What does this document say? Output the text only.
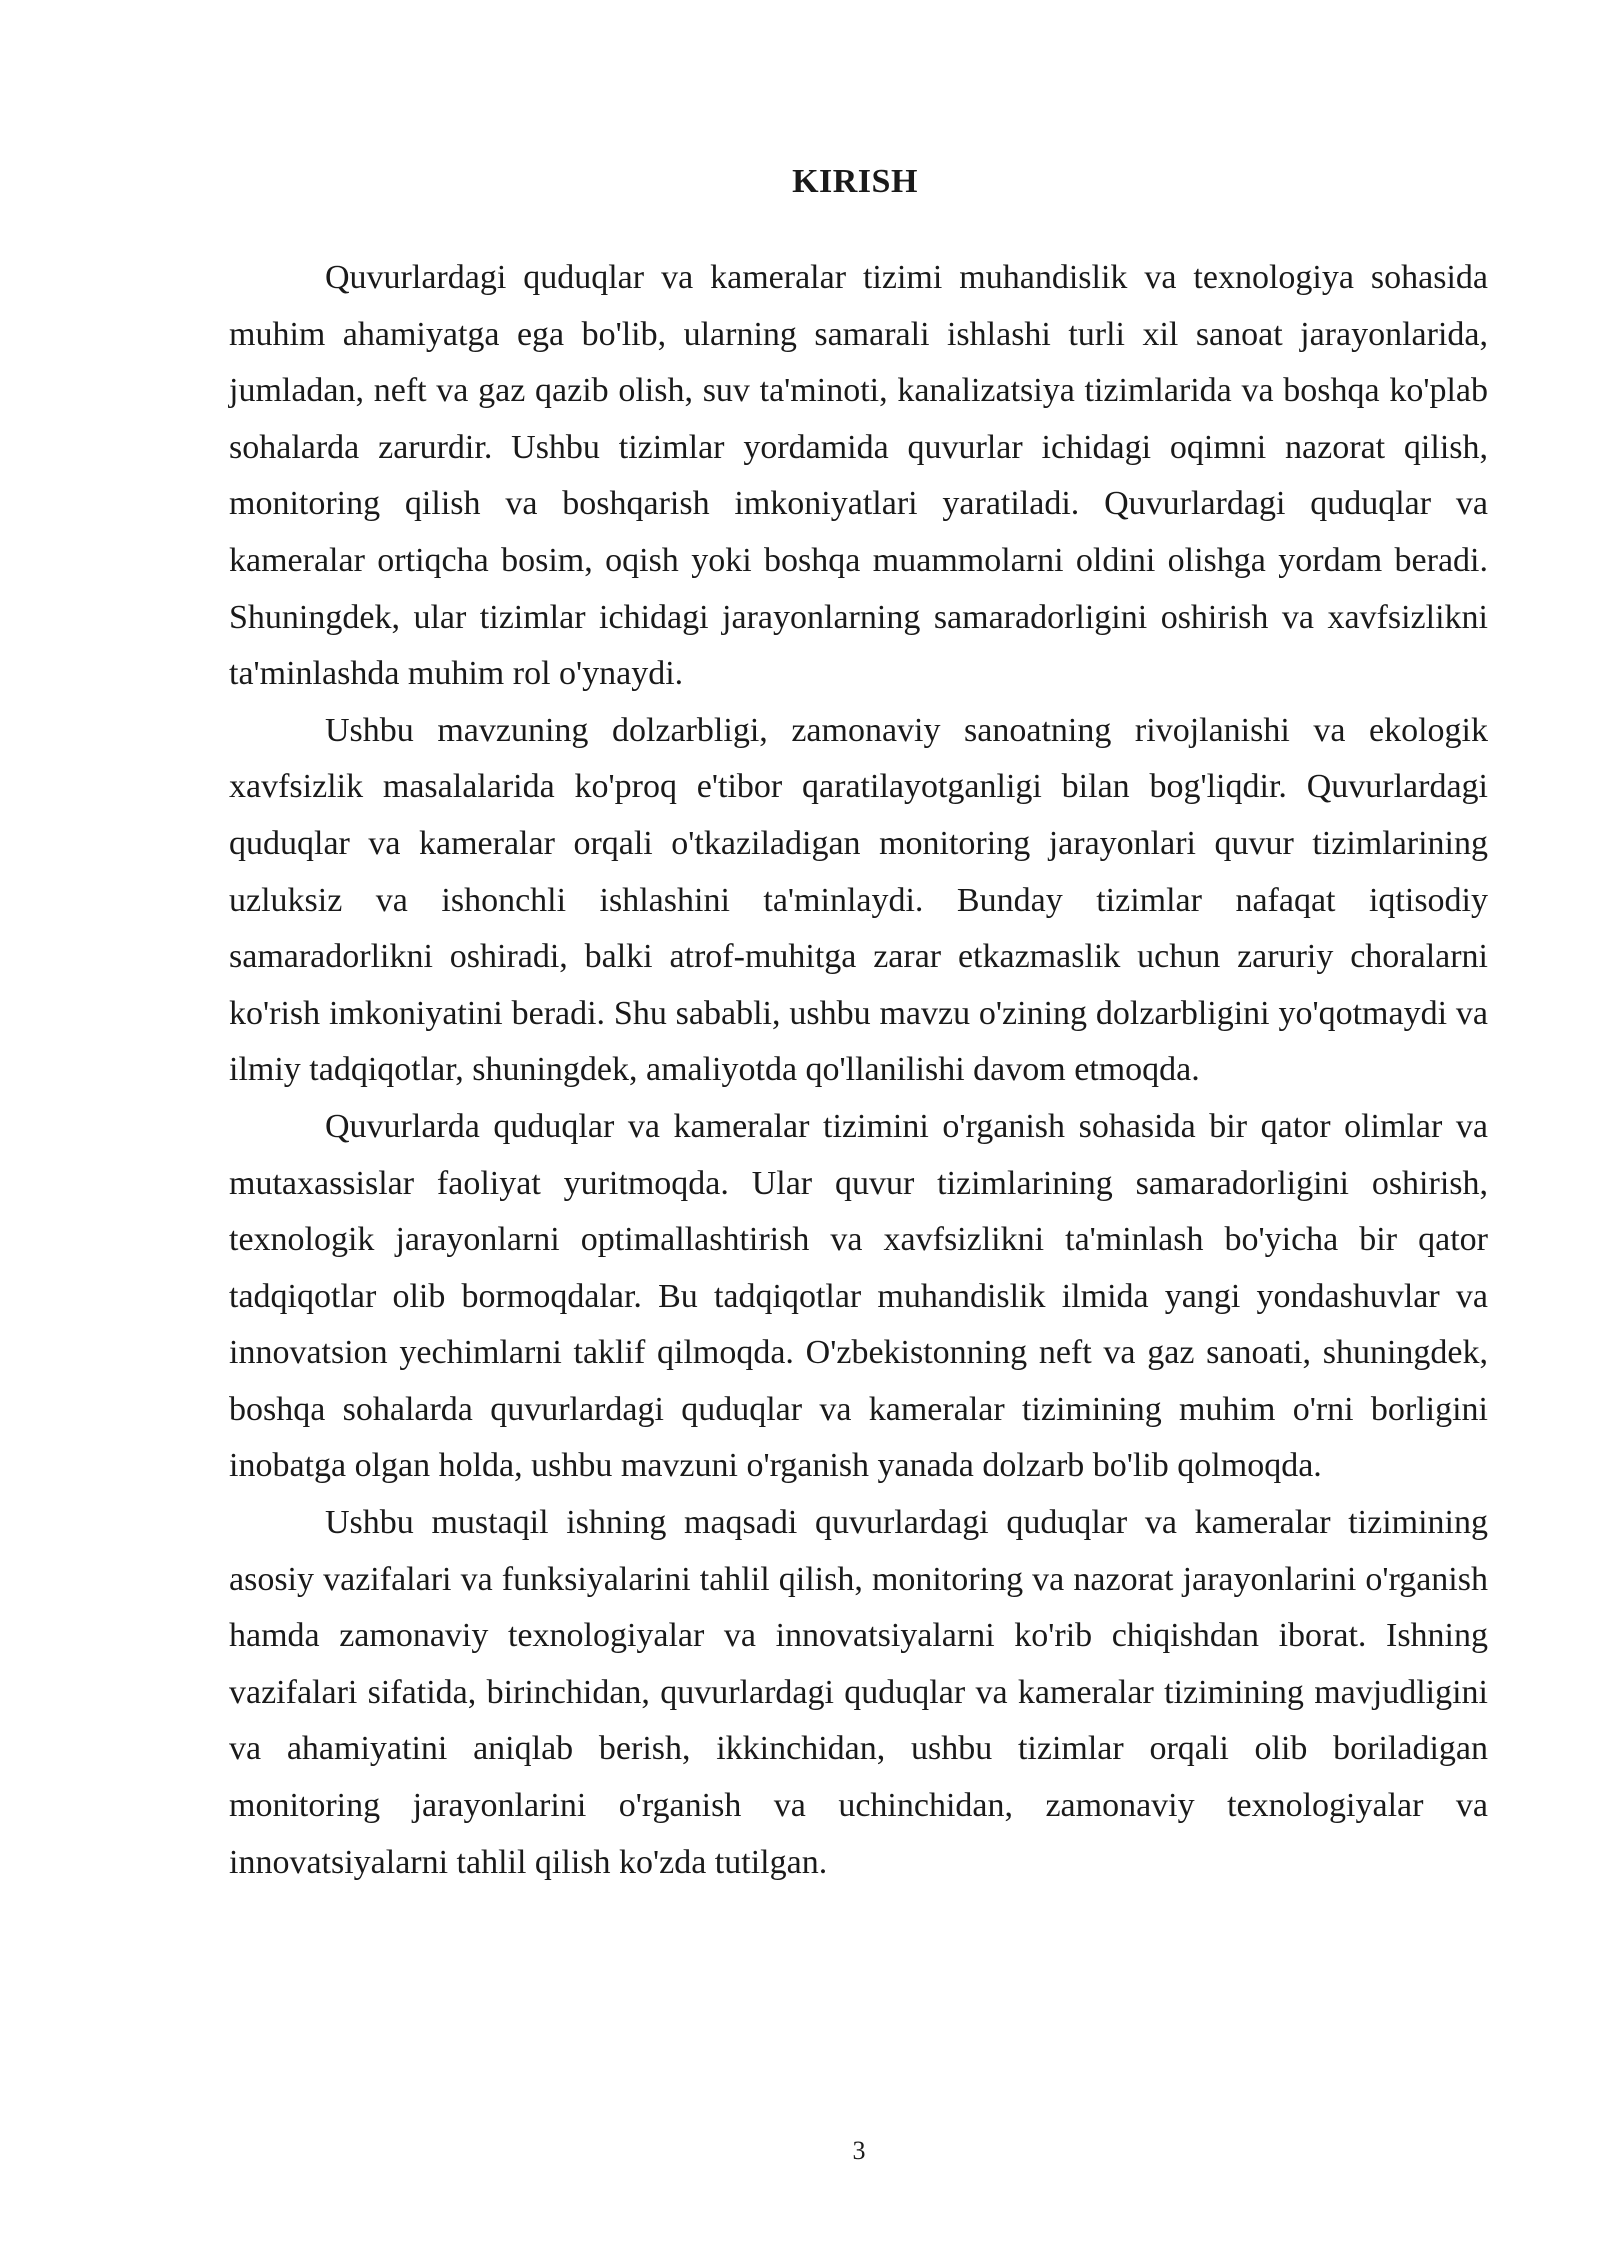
KIRISH

Quvurlardagi quduqlar va kameralar tizimi muhandislik va texnologiya sohasida muhim ahamiyatga ega bo'lib, ularning samarali ishlashi turli xil sanoat jarayonlarida, jumladan, neft va gaz qazib olish, suv ta'minoti, kanalizatsiya tizimlarida va boshqa ko'plab sohalarda zarurdir. Ushbu tizimlar yordamida quvurlar ichidagi oqimni nazorat qilish, monitoring qilish va boshqarish imkoniyatlari yaratiladi. Quvurlardagi quduqlar va kameralar ortiqcha bosim, oqish yoki boshqa muammolarni oldini olishga yordam beradi. Shuningdek, ular tizimlar ichidagi jarayonlarning samaradorligini oshirish va xavfsizlikni ta'minlashda muhim rol o'ynaydi.

Ushbu mavzuning dolzarbligi, zamonaviy sanoatning rivojlanishi va ekologik xavfsizlik masalalarida ko'proq e'tibor qaratilayotganligi bilan bog'liqdir. Quvurlardagi quduqlar va kameralar orqali o'tkaziladigan monitoring jarayonlari quvur tizimlarining uzluksiz va ishonchli ishlashini ta'minlaydi. Bunday tizimlar nafaqat iqtisodiy samaradorlikni oshiradi, balki atrof-muhitga zarar etkazmaslik uchun zaruriy choralarni ko'rish imkoniyatini beradi. Shu sababli, ushbu mavzu o'zining dolzarbligini yo'qotmaydi va ilmiy tadqiqotlar, shuningdek, amaliyotda qo'llanilishi davom etmoqda.

Quvurlarda quduqlar va kameralar tizimini o'rganish sohasida bir qator olimlar va mutaxassislar faoliyat yuritmoqda. Ular quvur tizimlarining samaradorligini oshirish, texnologik jarayonlarni optimallashtirish va xavfsizlikni ta'minlash bo'yicha bir qator tadqiqotlar olib bormoqdalar. Bu tadqiqotlar muhandislik ilmida yangi yondashuvlar va innovatsion yechimlarni taklif qilmoqda. O'zbekistonning neft va gaz sanoati, shuningdek, boshqa sohalarda quvurlardagi quduqlar va kameralar tizimining muhim o'rni borligini inobatga olgan holda, ushbu mavzuni o'rganish yanada dolzarb bo'lib qolmoqda.

Ushbu mustaqil ishning maqsadi quvurlardagi quduqlar va kameralar tizimining asosiy vazifalari va funksiyalarini tahlil qilish, monitoring va nazorat jarayonlarini o'rganish hamda zamonaviy texnologiyalar va innovatsiyalarni ko'rib chiqishdan iborat. Ishning vazifalari sifatida, birinchidan, quvurlardagi quduqlar va kameralar tizimining mavjudligini va ahamiyatini aniqlab berish, ikkinchidan, ushbu tizimlar orqali olib boriladigan monitoring jarayonlarini o'rganish va uchinchidan, zamonaviy texnologiyalar va innovatsiyalarni tahlil qilish ko'zda tutilgan.

3
